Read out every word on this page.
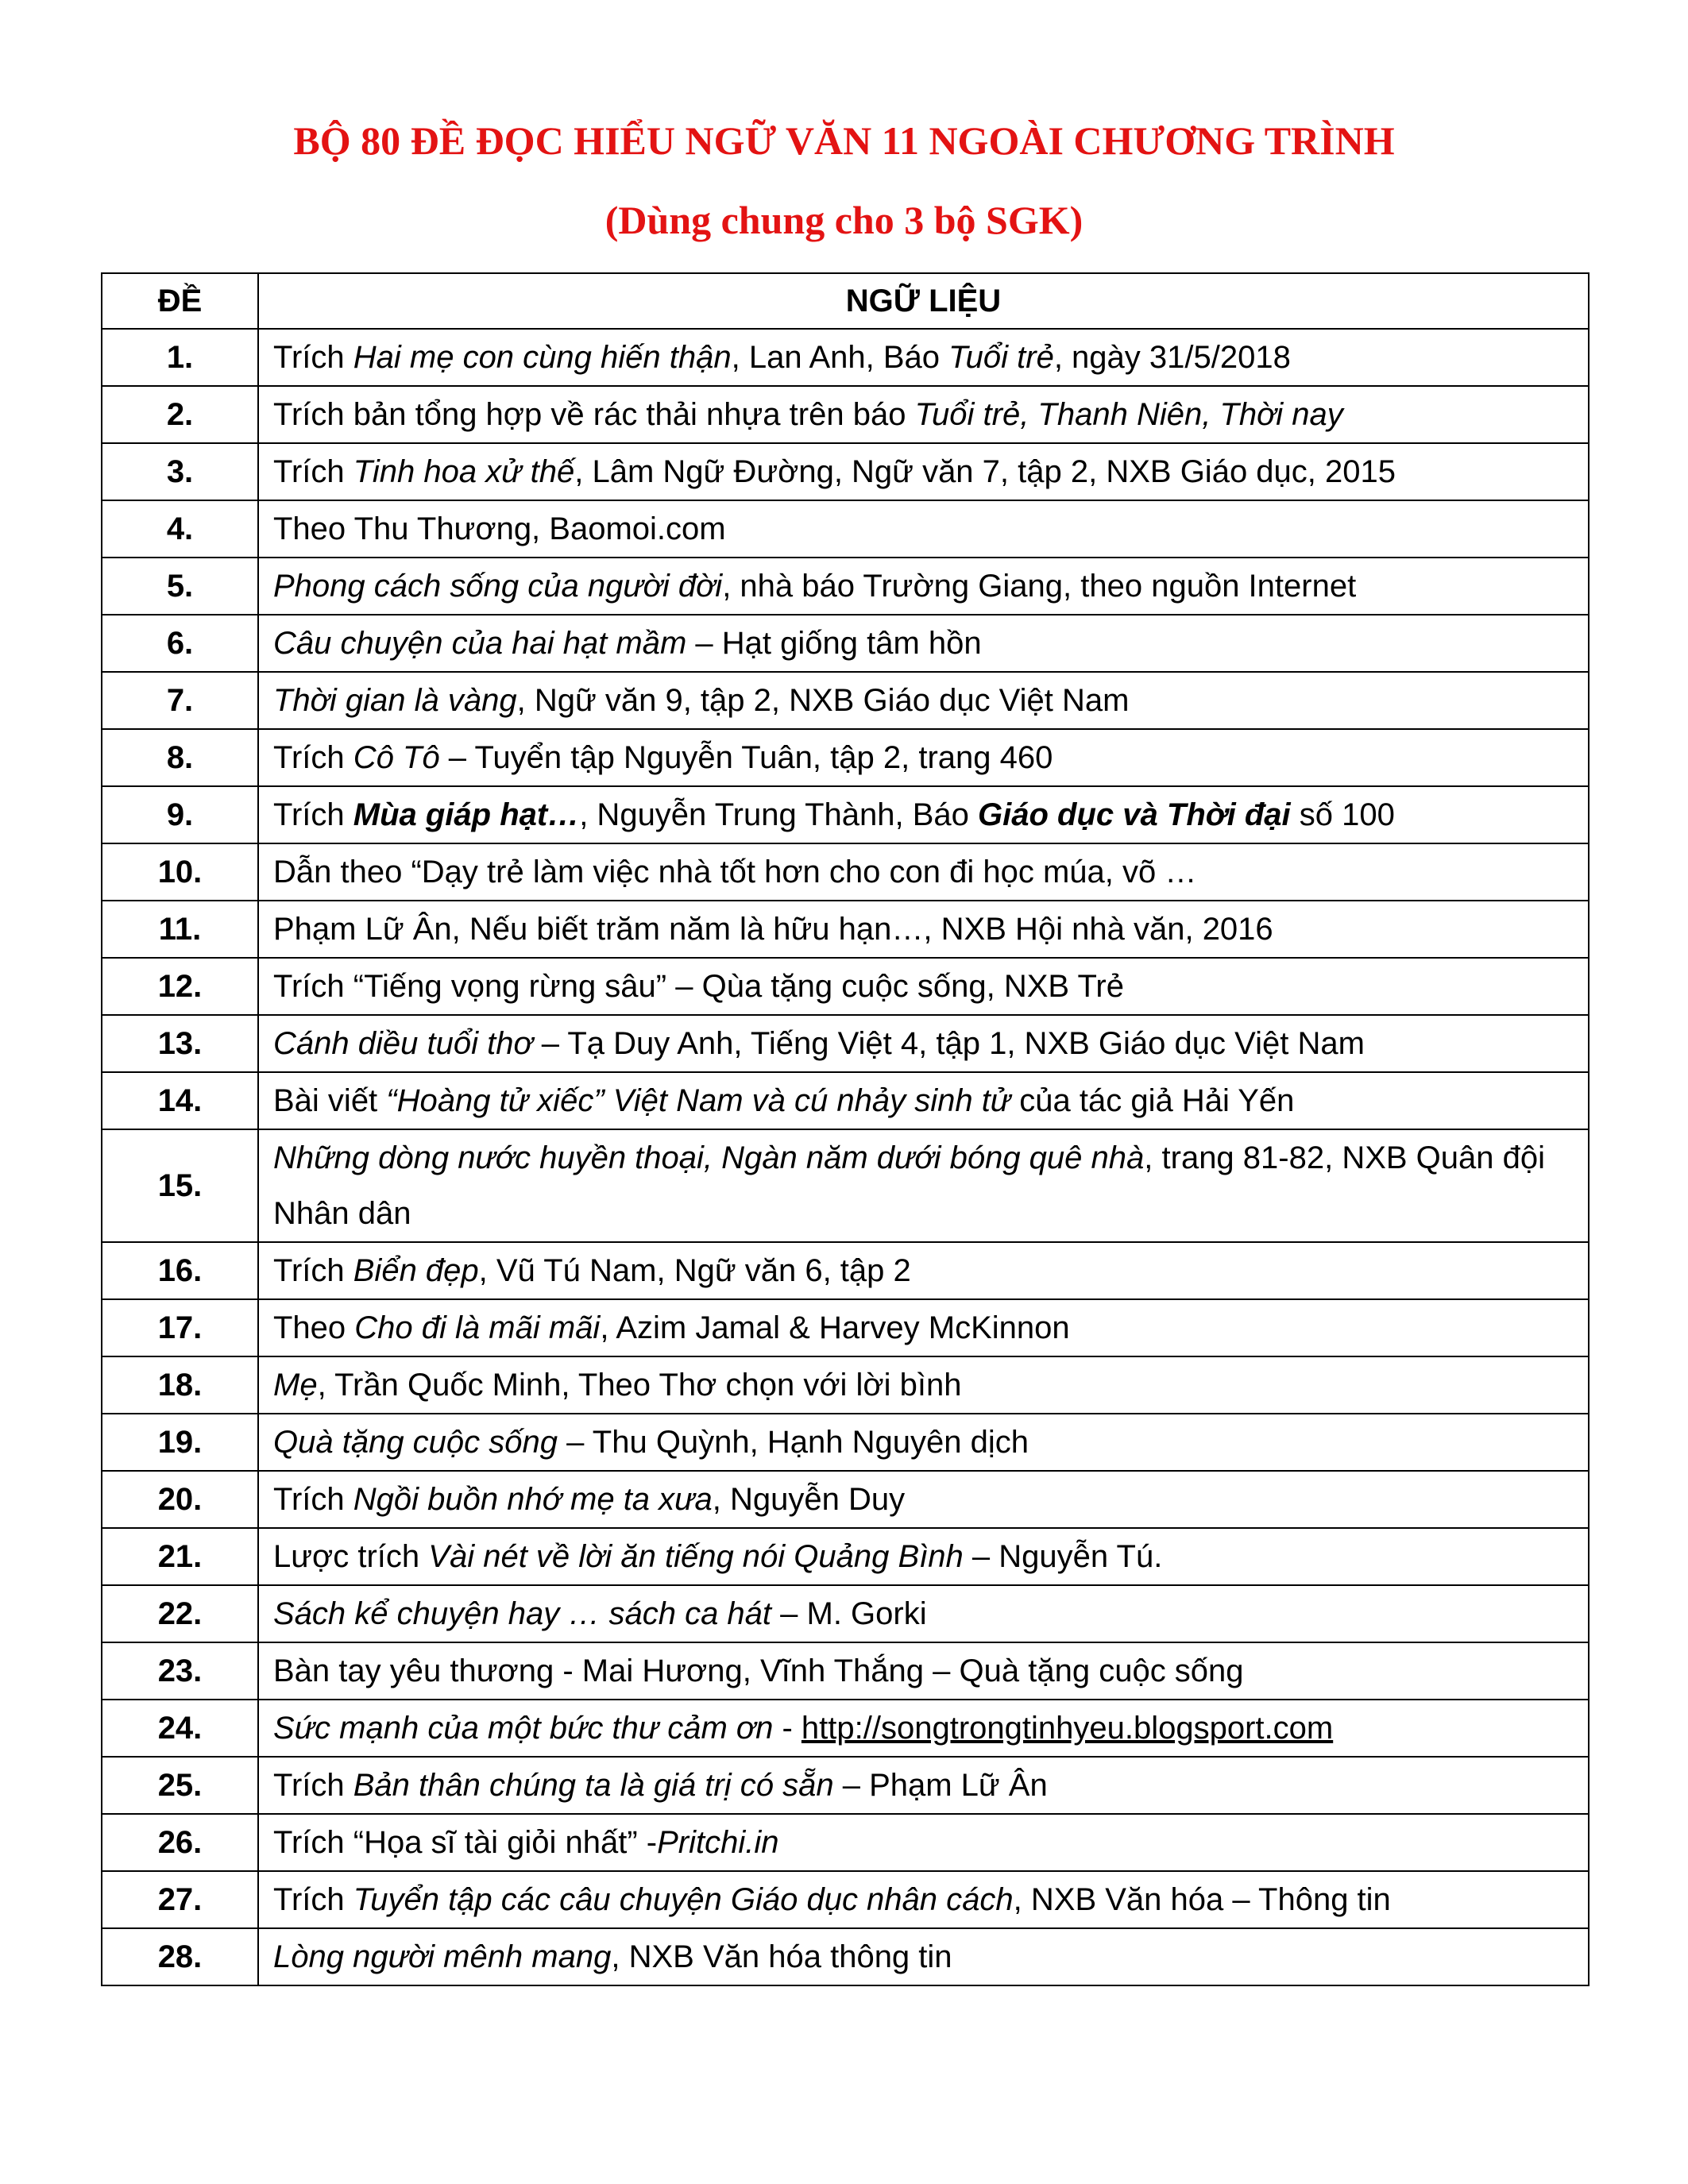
BỘ 80 ĐỀ ĐỌC HIỂU NGỮ VĂN 11 NGOÀI CHƯƠNG TRÌNH
(Dùng chung cho 3 bộ SGK)
ĐỀ	NGỮ LIỆU
1.	Trích Hai mẹ con cùng hiến thận, Lan Anh, Báo Tuổi trẻ, ngày 31/5/2018
2.	Trích bản tổng hợp về rác thải nhựa trên báo Tuổi trẻ, Thanh Niên, Thời nay
3.	Trích Tinh hoa xử thế, Lâm Ngữ Đường, Ngữ văn 7, tập 2, NXB Giáo dục, 2015
4.	Theo Thu Thương, Baomoi.com
5.	Phong cách sống của người đời, nhà báo Trường Giang, theo nguồn Internet
6.	Câu chuyện của hai hạt mầm – Hạt giống tâm hồn
7.	Thời gian là vàng, Ngữ văn 9, tập 2, NXB Giáo dục Việt Nam
8.	Trích Cô Tô – Tuyển tập Nguyễn Tuân, tập 2, trang 460
9.	Trích Mùa giáp hạt…, Nguyễn Trung Thành, Báo Giáo dục và Thời đại số 100
10.	Dẫn theo “Dạy trẻ làm việc nhà tốt hơn cho con đi học múa, võ …
11.	Phạm Lữ Ân, Nếu biết trăm năm là hữu hạn…, NXB Hội nhà văn, 2016
12.	Trích “Tiếng vọng rừng sâu” – Qùa tặng cuộc sống, NXB Trẻ
13.	Cánh diều tuổi thơ – Tạ Duy Anh, Tiếng Việt 4, tập 1, NXB Giáo dục Việt Nam
14.	Bài viết “Hoàng tử xiếc” Việt Nam và cú nhảy sinh tử của tác giả Hải Yến
15.	Những dòng nước huyền thoại, Ngàn năm dưới bóng quê nhà, trang 81-82, NXB Quân đội Nhân dân
16.	Trích Biển đẹp, Vũ Tú Nam, Ngữ văn 6, tập 2
17.	Theo Cho đi là mãi mãi, Azim Jamal & Harvey McKinnon
18.	Mẹ, Trần Quốc Minh, Theo Thơ chọn với lời bình
19.	Quà tặng cuộc sống – Thu Quỳnh, Hạnh Nguyên dịch
20.	Trích Ngồi buồn nhớ mẹ ta xưa, Nguyễn Duy
21.	Lược trích Vài nét về lời ăn tiếng nói Quảng Bình – Nguyễn Tú.
22.	Sách kể chuyện hay … sách ca hát – M. Gorki
23.	Bàn tay yêu thương - Mai Hương, Vĩnh Thắng – Quà tặng cuộc sống
24.	Sức mạnh của một bức thư cảm ơn - http://songtrongtinhyeu.blogsport.com
25.	Trích Bản thân chúng ta là giá trị có sẵn – Phạm Lữ Ân
26.	Trích “Họa sĩ tài giỏi nhất” -Pritchi.in
27.	Trích Tuyển tập các câu chuyện Giáo dục nhân cách, NXB Văn hóa – Thông tin
28.	Lòng người mênh mang, NXB Văn hóa thông tin
